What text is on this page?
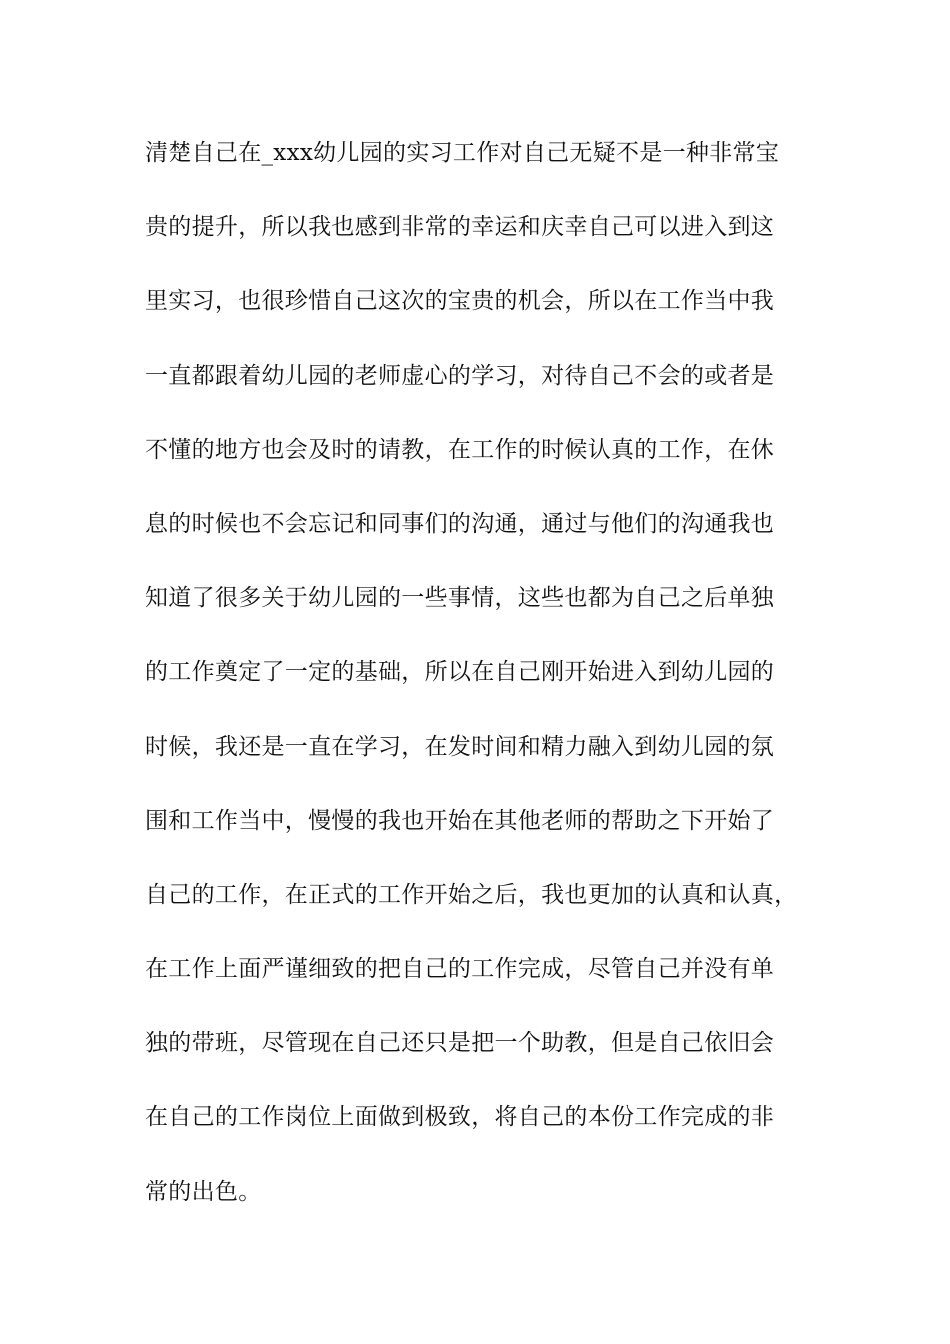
清楚自己在_xxx幼儿园的实习工作对自己无疑不是一种非常宝
贵的提升，所以我也感到非常的幸运和庆幸自己可以进入到这
里实习，也很珍惜自己这次的宝贵的机会，所以在工作当中我
一直都跟着幼儿园的老师虚心的学习，对待自己不会的或者是
不懂的地方也会及时的请教，在工作的时候认真的工作，在休
息的时候也不会忘记和同事们的沟通，通过与他们的沟通我也
知道了很多关于幼儿园的一些事情，这些也都为自己之后单独
的工作奠定了一定的基础，所以在自己刚开始进入到幼儿园的
时候，我还是一直在学习，在发时间和精力融入到幼儿园的氛
围和工作当中，慢慢的我也开始在其他老师的帮助之下开始了
自己的工作，在正式的工作开始之后，我也更加的认真和认真，
在工作上面严谨细致的把自己的工作完成，尽管自己并没有单
独的带班，尽管现在自己还只是把一个助教，但是自己依旧会
在自己的工作岗位上面做到极致，将自己的本份工作完成的非
常的出色。
